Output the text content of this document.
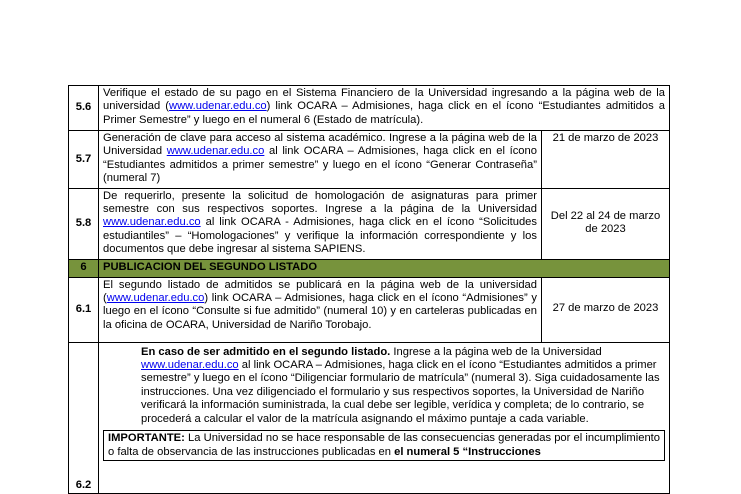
5.6	Verifique el estado de su pago en el Sistema Financiero de la Universidad ingresando a la página web de la universidad (www.udenar.edu.co) link OCARA – Admisiones, haga click en el ícono “Estudiantes admitidos a Primer Semestre” y luego en el numeral 6 (Estado de matrícula).	
5.7	Generación de clave para acceso al sistema académico. Ingrese a la página web de la Universidad www.udenar.edu.co al link OCARA – Admisiones, haga click en el ícono “Estudiantes admitidos a primer semestre” y luego en el ícono “Generar Contraseña” (numeral 7)	21 de marzo de 2023
5.8	De requerirlo, presente la solicitud de homologación de asignaturas para primer semestre con sus respectivos soportes. Ingrese a la página de la Universidad www.udenar.edu.co al link OCARA - Admisiones, haga click en el ícono “Solicitudes estudiantiles” – “Homologaciones” y verifique la información correspondiente y los documentos que debe ingresar al sistema SAPIENS.	Del 22 al 24 de marzo de 2023
6	PUBLICACION DEL SEGUNDO LISTADO	
6.1	El segundo listado de admitidos se publicará en la página web de la universidad (www.udenar.edu.co) link OCARA – Admisiones, haga click en el ícono “Admisiones” y luego en el ícono “Consulte si fue admitido” (numeral 10) y en carteleras publicadas en la oficina de OCARA, Universidad de Nariño Torobajo.	27 de marzo de 2023
6.2	En caso de ser admitido en el segundo listado. Ingrese a la página web de la Universidad www.udenar.edu.co al link OCARA – Admisiones, haga click en el ícono “Estudiantes admitidos a primer semestre” y luego en el ícono “Diligenciar formulario de matrícula” (numeral 3). Siga cuidadosamente las instrucciones. Una vez diligenciado el formulario y sus respectivos soportes, la Universidad de Nariño verificará la información suministrada, la cual debe ser legible, verídica y completa; de lo contrario, se procederá a calcular el valor de la matrícula asignando el máximo puntaje a cada variable.
IMPORTANTE: La Universidad no se hace responsable de las consecuencias generadas por el incumplimiento o falta de observancia de las instrucciones publicadas en el numeral 5 “Instrucciones	
